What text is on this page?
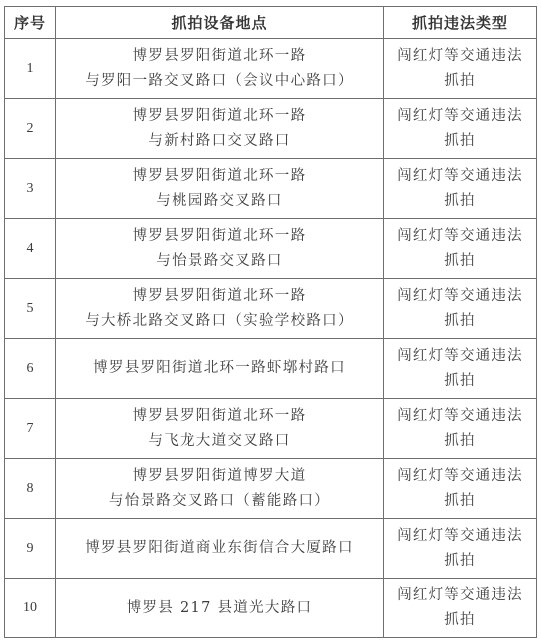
序号	抓拍设备地点	抓拍违法类型

1	博罗县罗阳街道北环一路
与罗阳一路交叉路口（会议中心路口）	闯红灯等交通违法
抓拍

2	博罗县罗阳街道北环一路
与新村路口交叉路口	闯红灯等交通违法
抓拍

3	博罗县罗阳街道北环一路
与桃园路交叉路口	闯红灯等交通违法
抓拍

4	博罗县罗阳街道北环一路
与怡景路交叉路口	闯红灯等交通违法
抓拍

5	博罗县罗阳街道北环一路
与大桥北路交叉路口（实验学校路口）	闯红灯等交通违法
抓拍

6	博罗县罗阳街道北环一路虾墎村路口	闯红灯等交通违法
抓拍

7	博罗县罗阳街道北环一路
与飞龙大道交叉路口	闯红灯等交通违法
抓拍

8	博罗县罗阳街道博罗大道
与怡景路交叉路口（蓄能路口）	闯红灯等交通违法
抓拍

9	博罗县罗阳街道商业东街信合大厦路口	闯红灯等交通违法
抓拍

10	博罗县 217 县道光大路口	闯红灯等交通违法
抓拍
